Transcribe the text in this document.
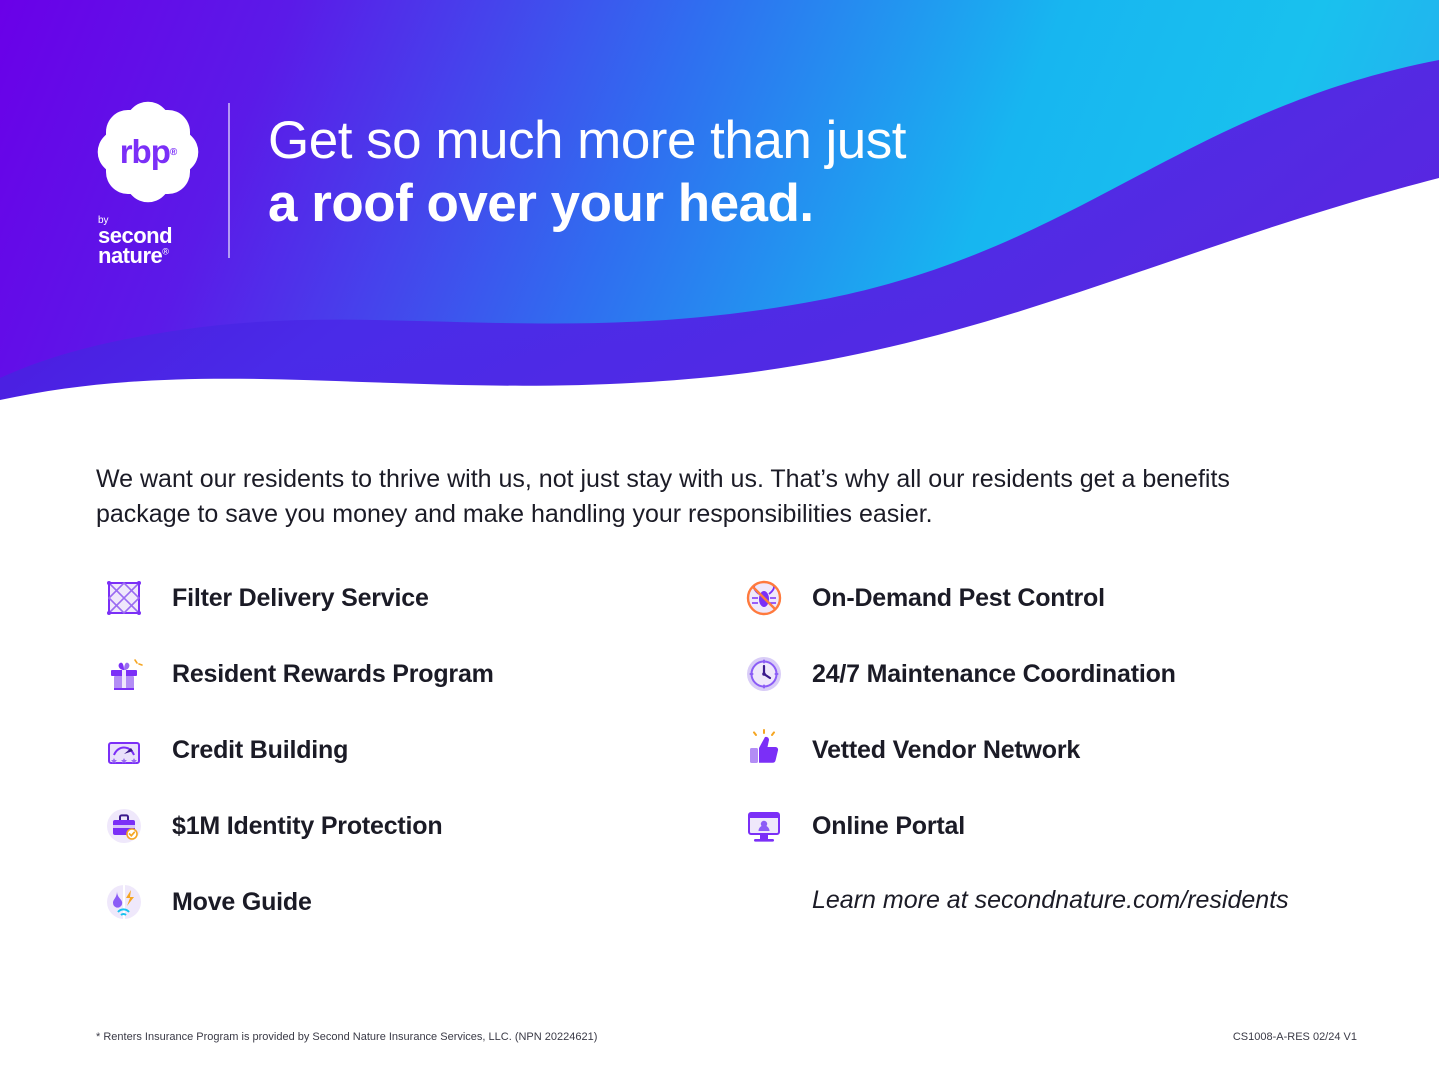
rbp ®
by
second
nature®
Get so much more than just
a roof over your head.
We want our residents to thrive with us, not just stay with us. That’s why all our residents get a benefits package to save you money and make handling your responsibilities easier.
Filter Delivery Service
Resident Rewards Program
Credit Building
$1M Identity Protection
Move Guide
On-Demand Pest Control
24/7 Maintenance Coordination
Vetted Vendor Network
Online Portal
Learn more at secondnature.com/residents
* Renters Insurance Program is provided by Second Nature Insurance Services, LLC. (NPN 20224621)	CS1008-A-RES 02/24 V1
